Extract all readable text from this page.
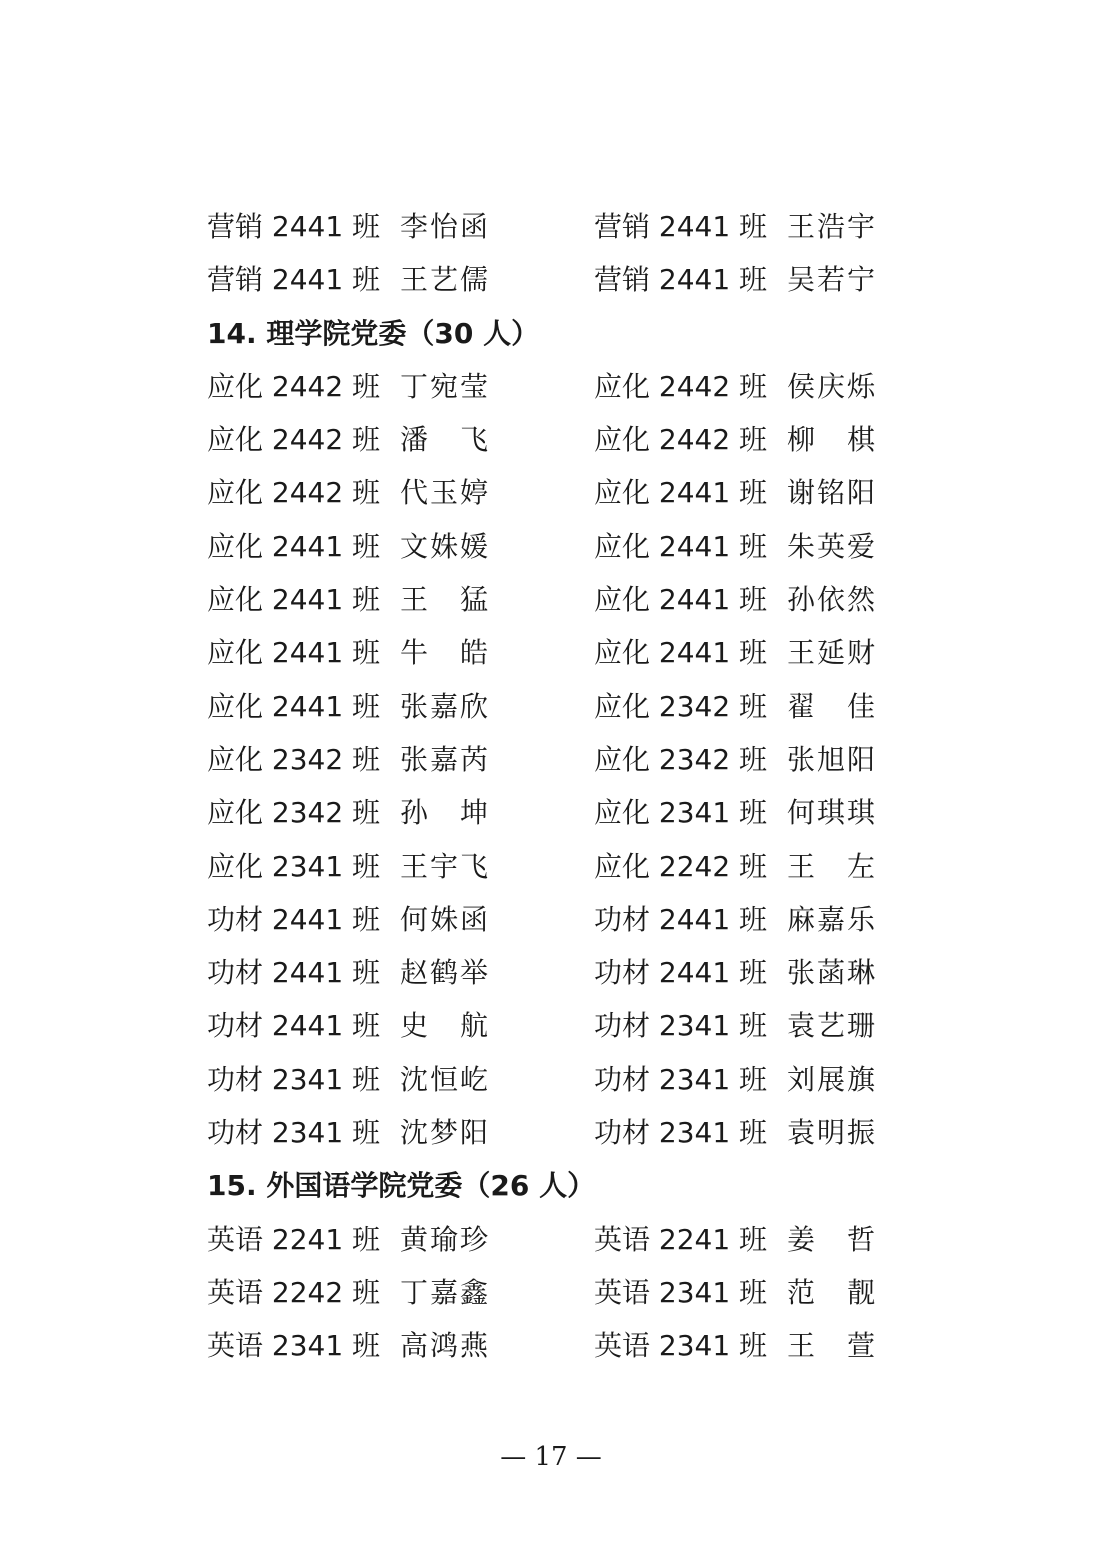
营销 2441 班 李怡函	营销 2441 班 王浩宇
营销 2441 班 王艺儒	营销 2441 班 吴若宁
14. 理学院党委（30 人）
应化 2442 班 丁宛莹	应化 2442 班 侯庆烁
应化 2442 班 潘　飞	应化 2442 班 柳　棋
应化 2442 班 代玉婷	应化 2441 班 谢铭阳
应化 2441 班 文姝媛	应化 2441 班 朱英爱
应化 2441 班 王　猛	应化 2441 班 孙依然
应化 2441 班 牛　皓	应化 2441 班 王延财
应化 2441 班 张嘉欣	应化 2342 班 翟　佳
应化 2342 班 张嘉芮	应化 2342 班 张旭阳
应化 2342 班 孙　坤	应化 2341 班 何琪琪
应化 2341 班 王宇飞	应化 2242 班 王　左
功材 2441 班 何姝函	功材 2441 班 麻嘉乐
功材 2441 班 赵鹤举	功材 2441 班 张菡琳
功材 2441 班 史　航	功材 2341 班 袁艺珊
功材 2341 班 沈恒屹	功材 2341 班 刘展旗
功材 2341 班 沈梦阳	功材 2341 班 袁明振
15. 外国语学院党委（26 人）
英语 2241 班 黄瑜珍	英语 2241 班 姜　哲
英语 2242 班 丁嘉鑫	英语 2341 班 范　靓
英语 2341 班 高鸿燕	英语 2341 班 王　萱
— 17 —
